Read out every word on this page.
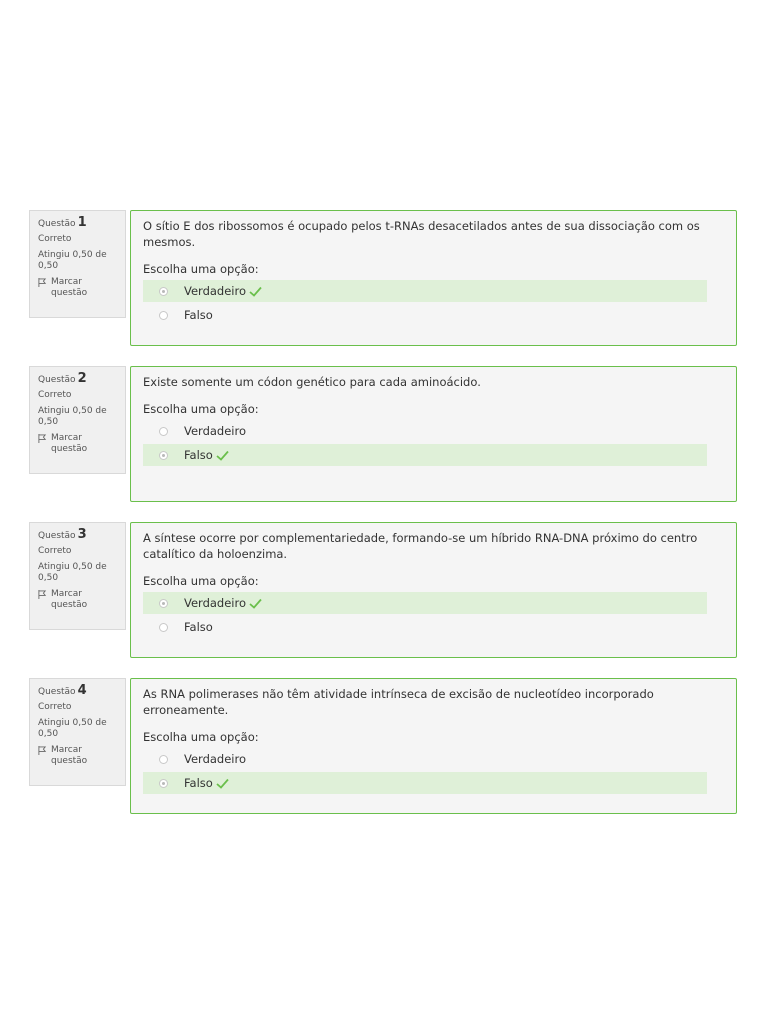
Questão 1
Correto
Atingiu 0,50 de 0,50
Marcar questão
O sítio E dos ribossomos é ocupado pelos t-RNAs desacetilados antes de sua dissociação com os mesmos.
Escolha uma opção:
Verdadeiro
Falso
Questão 2
Correto
Atingiu 0,50 de 0,50
Marcar questão
Existe somente um códon genético para cada aminoácido.
Escolha uma opção:
Verdadeiro
Falso
Questão 3
Correto
Atingiu 0,50 de 0,50
Marcar questão
A síntese ocorre por complementariedade, formando-se um híbrido RNA-DNA próximo do centro catalítico da holoenzima.
Escolha uma opção:
Verdadeiro
Falso
Questão 4
Correto
Atingiu 0,50 de 0,50
Marcar questão
As RNA polimerases não têm atividade intrínseca de excisão de nucleotídeo incorporado erroneamente.
Escolha uma opção:
Verdadeiro
Falso
